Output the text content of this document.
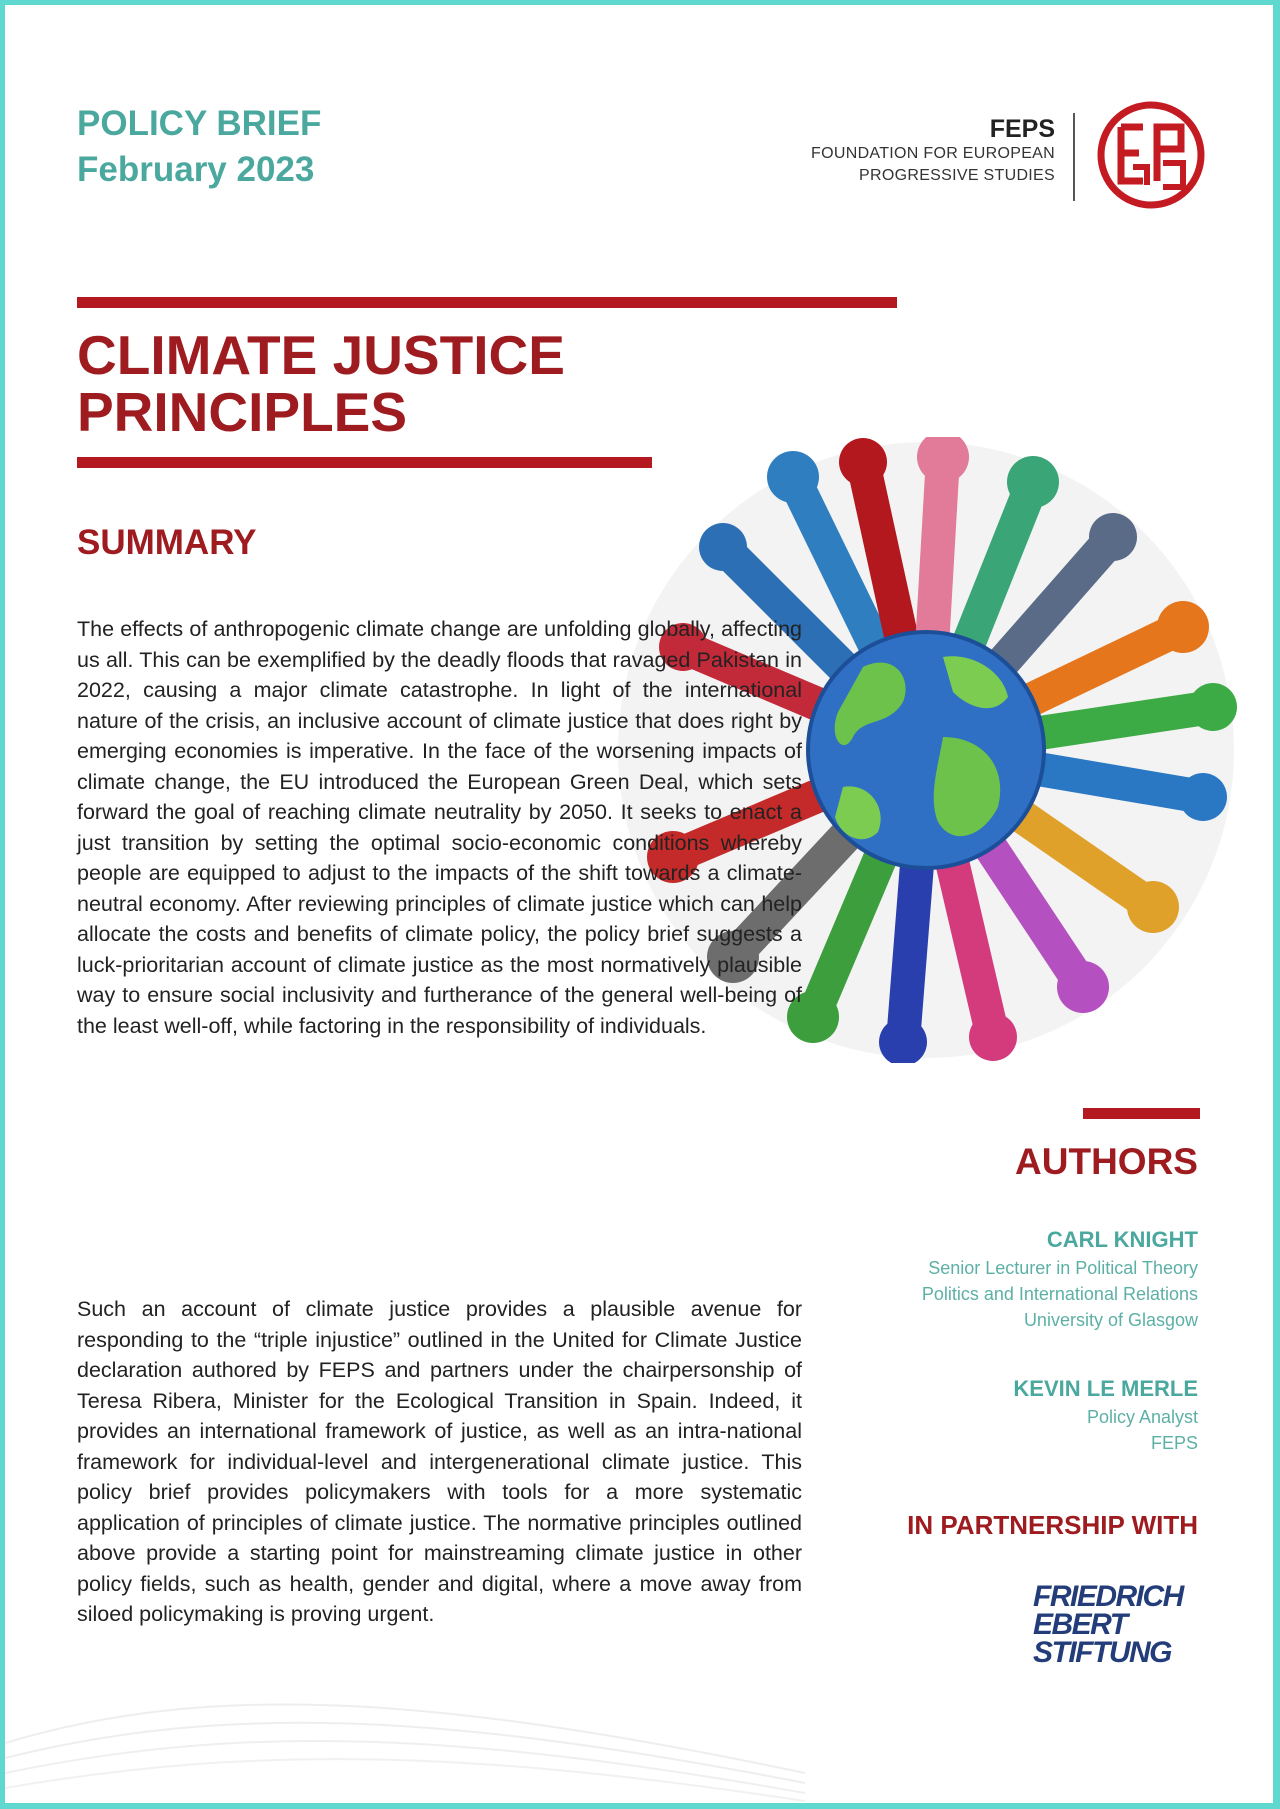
POLICY BRIEF
February 2023
FEPS
FOUNDATION FOR EUROPEAN
PROGRESSIVE STUDIES
CLIMATE JUSTICE
PRINCIPLES
SUMMARY
The effects of anthropogenic climate change are unfolding globally, affecting us all. This can be exemplified by the deadly floods that ravaged Pakistan in 2022, causing a major climate catastrophe. In light of the international nature of the crisis, an inclusive account of climate justice that does right by emerging economies is imperative. In the face of the worsening impacts of climate change, the EU introduced the European Green Deal, which sets forward the goal of reaching climate neutrality by 2050. It seeks to enact a just transition by setting the optimal socio-economic conditions whereby people are equipped to adjust to the impacts of the shift towards a climate-neutral economy. After reviewing principles of climate justice which can help allocate the costs and benefits of climate policy, the policy brief suggests a luck-prioritarian account of climate justice as the most normatively plausible way to ensure social inclusivity and furtherance of the general well-being of the least well-off, while factoring in the responsibility of individuals.
Such an account of climate justice provides a plausible avenue for responding to the “triple injustice” outlined in the United for Climate Justice declaration authored by FEPS and partners under the chairpersonship of Teresa Ribera, Minister for the Ecological Transition in Spain. Indeed, it provides an international framework of justice, as well as an intra-national framework for individual-level and intergenerational climate justice. This policy brief provides policymakers with tools for a more systematic application of principles of climate justice. The normative principles outlined above provide a starting point for mainstreaming climate justice in other policy fields, such as health, gender and digital, where a move away from siloed policymaking is proving urgent.
AUTHORS
CARL KNIGHT
Senior Lecturer in Political Theory
Politics and International Relations
University of Glasgow
KEVIN LE MERLE
Policy Analyst
FEPS
IN PARTNERSHIP WITH
FRIEDRICH
EBERT
STIFTUNG
